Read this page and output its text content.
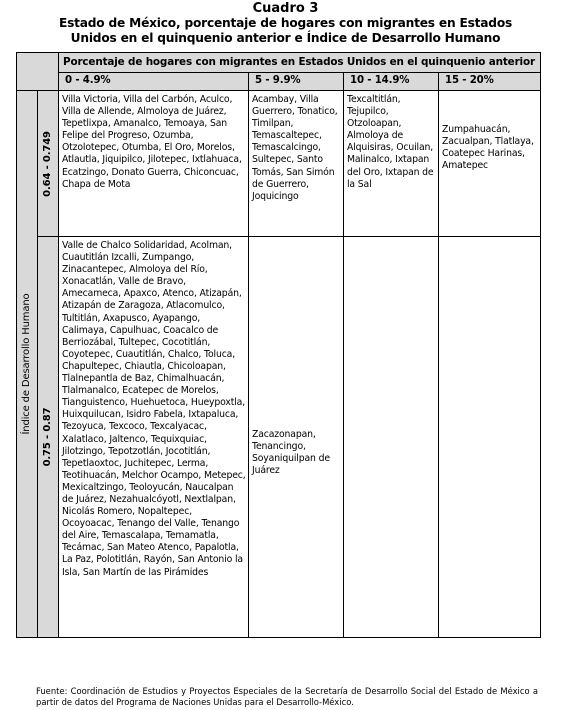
Cuadro 3
Estado de México, porcentaje de hogares con migrantes en Estados
Unidos en el quinquenio anterior e Índice de Desarrollo Humano
		Porcentaje de hogares con migrantes en Estados Unidos en el quinquenio anterior			
		0 - 4.9%	5 - 9.9%	10 - 14.9%	15 - 20%

Índice de Desarrollo Humano	0.64 - 0.749	Villa Victoria, Villa del Carbón, Aculco, Villa de Allende, Almoloya de Juárez, Tepetlixpa, Amanalco, Temoaya, San Felipe del Progreso, Ozumba, Otzolotepec, Otumba, El Oro, Morelos, Atlautla, Jiquipilco, Jilotepec, Ixtlahuaca, Ecatzingo, Donato Guerra, Chiconcuac, Chapa de Mota	Acambay, Villa Guerrero, Tonatico, Timilpan, Temascaltepec, Temascalcingo, Sultepec, Santo Tomás, San Simón de Guerrero, Joquicingo	Texcaltitlán, Tejupilco, Otzoloapan, Almoloya de Alquisiras, Ocuilan, Malinalco, Ixtapan del Oro, Ixtapan de la Sal	Zumpahuacán, Zacualpan, Tlatlaya, Coatepec Harinas, Amatepec

	0.75 - 0.87	Valle de Chalco Solidaridad, Acolman, Cuautitlán Izcalli, Zumpango, Zinacantepec, Almoloya del Río, Xonacatlán, Valle de Bravo, Amecameca, Apaxco, Atenco, Atizapán, Atizapán de Zaragoza, Atlacomulco, Tultitlán, Axapusco, Ayapango, Calimaya, Capulhuac, Coacalco de Berriozábal, Tultepec, Cocotitlán, Coyotepec, Cuautitlán, Chalco, Toluca, Chapultepec, Chiautla, Chicoloapan, Tlalnepantla de Baz, Chimalhuacán, Tlalmanalco, Ecatepec de Morelos, Tianguistenco, Huehuetoca, Hueypoxtla, Huixquilucan, Isidro Fabela, Ixtapaluca, Tezoyuca, Texcoco, Texcalyacac, Xalatlaco, Jaltenco, Tequixquiac, Jilotzingo, Tepotzotlán, Jocotitlán, Tepetlaoxtoc, Juchitepec, Lerma, Teotihuacán, Melchor Ocampo, Metepec, Mexicaltzingo, Teoloyucán, Naucalpan de Juárez, Nezahualcóyotl, Nextlalpan, Nicolás Romero, Nopaltepec, Ocoyoacac, Tenango del Valle, Tenango del Aire, Temascalapa, Temamatla, Tecámac, San Mateo Atenco, Papalotla, La Paz, Polotitlán, Rayón, San Antonio la Isla, San Martín de las Pirámides	Zacazonapan, Tenancingo, Soyaniquilpan de Juárez		
Fuente: Coordinación de Estudios y Proyectos Especiales de la Secretaría de Desarrollo Social del Estado de México a partir de datos del Programa de Naciones Unidas para el Desarrollo-México.
